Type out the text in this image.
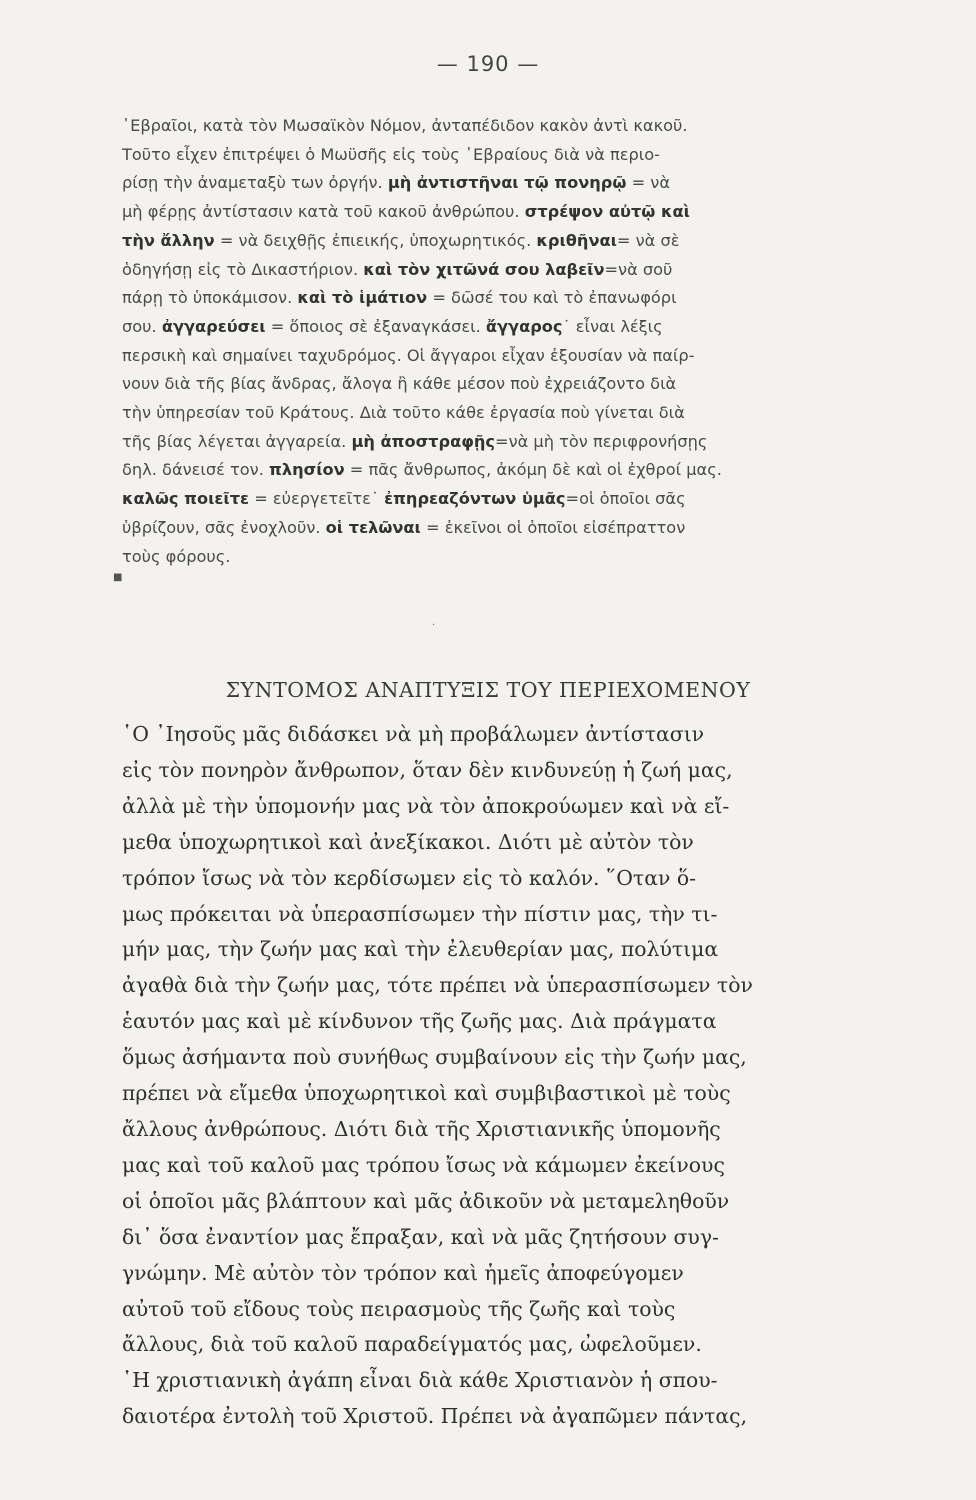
— 190 —
῾Εβραῖοι, κατὰ τὸν Μωσαϊκὸν Νόμον, ἀνταπέδιδον κακὸν ἀντὶ κακοῦ.
Τοῦτο εἶχεν ἐπιτρέψει ὁ Μωϋσῆς εἰς τοὺς ῾Εβραίους διὰ νὰ περιο-
ρίσῃ τὴν ἀναμεταξὺ των ὀργήν. μὴ ἀντιστῆναι τῷ πονηρῷ = νὰ
μὴ φέρῃς ἀντίστασιν κατὰ τοῦ κακοῦ ἀνθρώπου. στρέψον αὐτῷ καὶ
τὴν ἄλλην = νὰ δειχθῇς ἐπιεικής, ὑποχωρητικός. κριθῆναι= νὰ σὲ
ὁδηγήσῃ εἰς τὸ Δικαστήριον. καὶ τὸν χιτῶνά σου λαβεῖν=νὰ σοῦ
πάρῃ τὸ ὑποκάμισον. καὶ τὸ ἱμάτιον = δῶσέ του καὶ τὸ ἐπανωφόρι
σου. ἀγγαρεύσει = ὅποιος σὲ ἐξαναγκάσει. ἄγγαρος˙ εἶναι λέξις
περσικὴ καὶ σημαίνει ταχυδρόμος. Οἱ ἄγγαροι εἶχαν ἐξουσίαν νὰ παίρ-
νουν διὰ τῆς βίας ἄνδρας, ἄλογα ἢ κάθε μέσον ποὺ ἐχρειάζοντο διὰ
τὴν ὑπηρεσίαν τοῦ Κράτους. Διὰ τοῦτο κάθε ἐργασία ποὺ γίνεται διὰ
τῆς βίας λέγεται ἀγγαρεία. μὴ ἀποστραφῇς=νὰ μὴ τὸν περιφρονήσῃς
δηλ. δάνεισέ τον. πλησίον = πᾶς ἄνθρωπος, ἀκόμη δὲ καὶ οἱ ἐχθροί μας.
καλῶς ποιεῖτε = εὐεργετεῖτε˙ ἐπηρεαζόντων ὑμᾶς=οἱ ὁποῖοι σᾶς
ὑβρίζουν, σᾶς ἐνοχλοῦν. οἱ τελῶναι = ἐκεῖνοι οἱ ὁποῖοι εἰσέπραττον
τοὺς φόρους.
■
·
ΣΥΝΤΟΜΟΣ ΑΝΑΠΤΥΞΙΣ ΤΟΥ ΠΕΡΙΕΧΟΜΕΝΟΥ
῾Ο ᾿Ιησοῦς μᾶς διδάσκει νὰ μὴ προβάλωμεν ἀντίστασιν
εἰς τὸν πονηρὸν ἄνθρωπον, ὅταν δὲν κινδυνεύῃ ἡ ζωή μας,
ἀλλὰ μὲ τὴν ὑπομονήν μας νὰ τὸν ἀποκρούωμεν καὶ νὰ εἴ-
μεθα ὑποχωρητικοὶ καὶ ἀνεξίκακοι. Διότι μὲ αὐτὸν τὸν
τρόπον ἴσως νὰ τὸν κερδίσωμεν εἰς τὸ καλόν. ῞Οταν ὅ-
μως πρόκειται νὰ ὑπερασπίσωμεν τὴν πίστιν μας, τὴν τι-
μήν μας, τὴν ζωήν μας καὶ τὴν ἐλευθερίαν μας, πολύτιμα
ἀγαθὰ διὰ τὴν ζωήν μας, τότε πρέπει νὰ ὑπερασπίσωμεν τὸν
ἑαυτόν μας καὶ μὲ κίνδυνον τῆς ζωῆς μας. Διὰ πράγματα
ὅμως ἀσήμαντα ποὺ συνήθως συμβαίνουν εἰς τὴν ζωήν μας,
πρέπει νὰ εἴμεθα ὑποχωρητικοὶ καὶ συμβιβαστικοὶ μὲ τοὺς
ἄλλους ἀνθρώπους. Διότι διὰ τῆς Χριστιανικῆς ὑπομονῆς
μας καὶ τοῦ καλοῦ μας τρόπου ἴσως νὰ κάμωμεν ἐκείνους
οἱ ὁποῖοι μᾶς βλάπτουν καὶ μᾶς ἀδικοῦν νὰ μεταμεληθοῦν
δι᾿ ὅσα ἐναντίον μας ἔπραξαν, καὶ νὰ μᾶς ζητήσουν συγ-
γνώμην. Μὲ αὐτὸν τὸν τρόπον καὶ ἡμεῖς ἀποφεύγομεν
αὐτοῦ τοῦ εἴδους τοὺς πειρασμοὺς τῆς ζωῆς καὶ τοὺς
ἄλλους, διὰ τοῦ καλοῦ παραδείγματός μας, ὠφελοῦμεν.
῾Η χριστιανικὴ ἀγάπη εἶναι διὰ κάθε Χριστιανὸν ἡ σπου-
δαιοτέρα ἐντολὴ τοῦ Χριστοῦ. Πρέπει νὰ ἀγαπῶμεν πάντας,
